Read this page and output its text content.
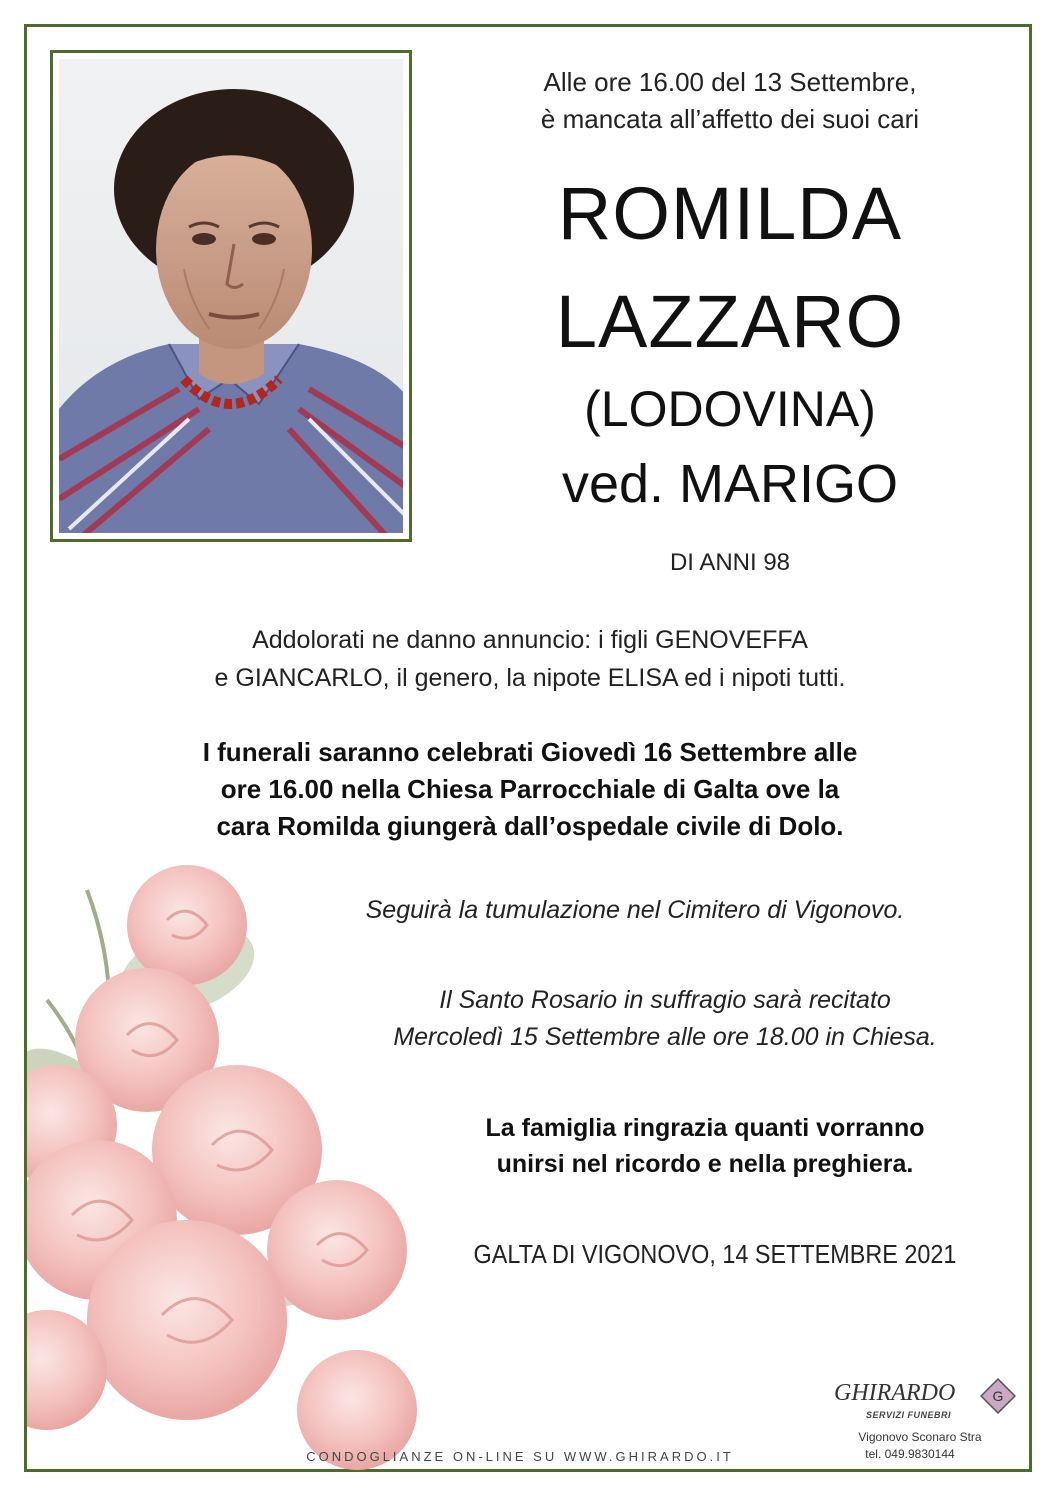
Alle ore 16.00 del 13 Settembre,
è mancata all’affetto dei suoi cari
ROMILDA
LAZZARO
(LODOVINA)
ved. MARIGO
DI ANNI 98
Addolorati ne danno annuncio: i figli GENOVEFFA
e GIANCARLO, il genero, la nipote ELISA ed i nipoti tutti.
I funerali saranno celebrati Giovedì 16 Settembre alle
ore 16.00 nella Chiesa Parrocchiale di Galta ove la
cara Romilda giungerà dall’ospedale civile di Dolo.
Seguirà la tumulazione nel Cimitero di Vigonovo.
Il Santo Rosario in suffragio sarà recitato
Mercoledì 15 Settembre alle ore 18.00 in Chiesa.
La famiglia ringrazia quanti vorranno
unirsi nel ricordo e nella preghiera.
GALTA DI VIGONOVO, 14 SETTEMBRE 2021
CONDOGLIANZE ON-LINE SU WWW.GHIRARDO.IT
GHIRARDO
SERVIZI FUNEBRI
G
Vigonovo Sconaro Stra
tel. 049.9830144
